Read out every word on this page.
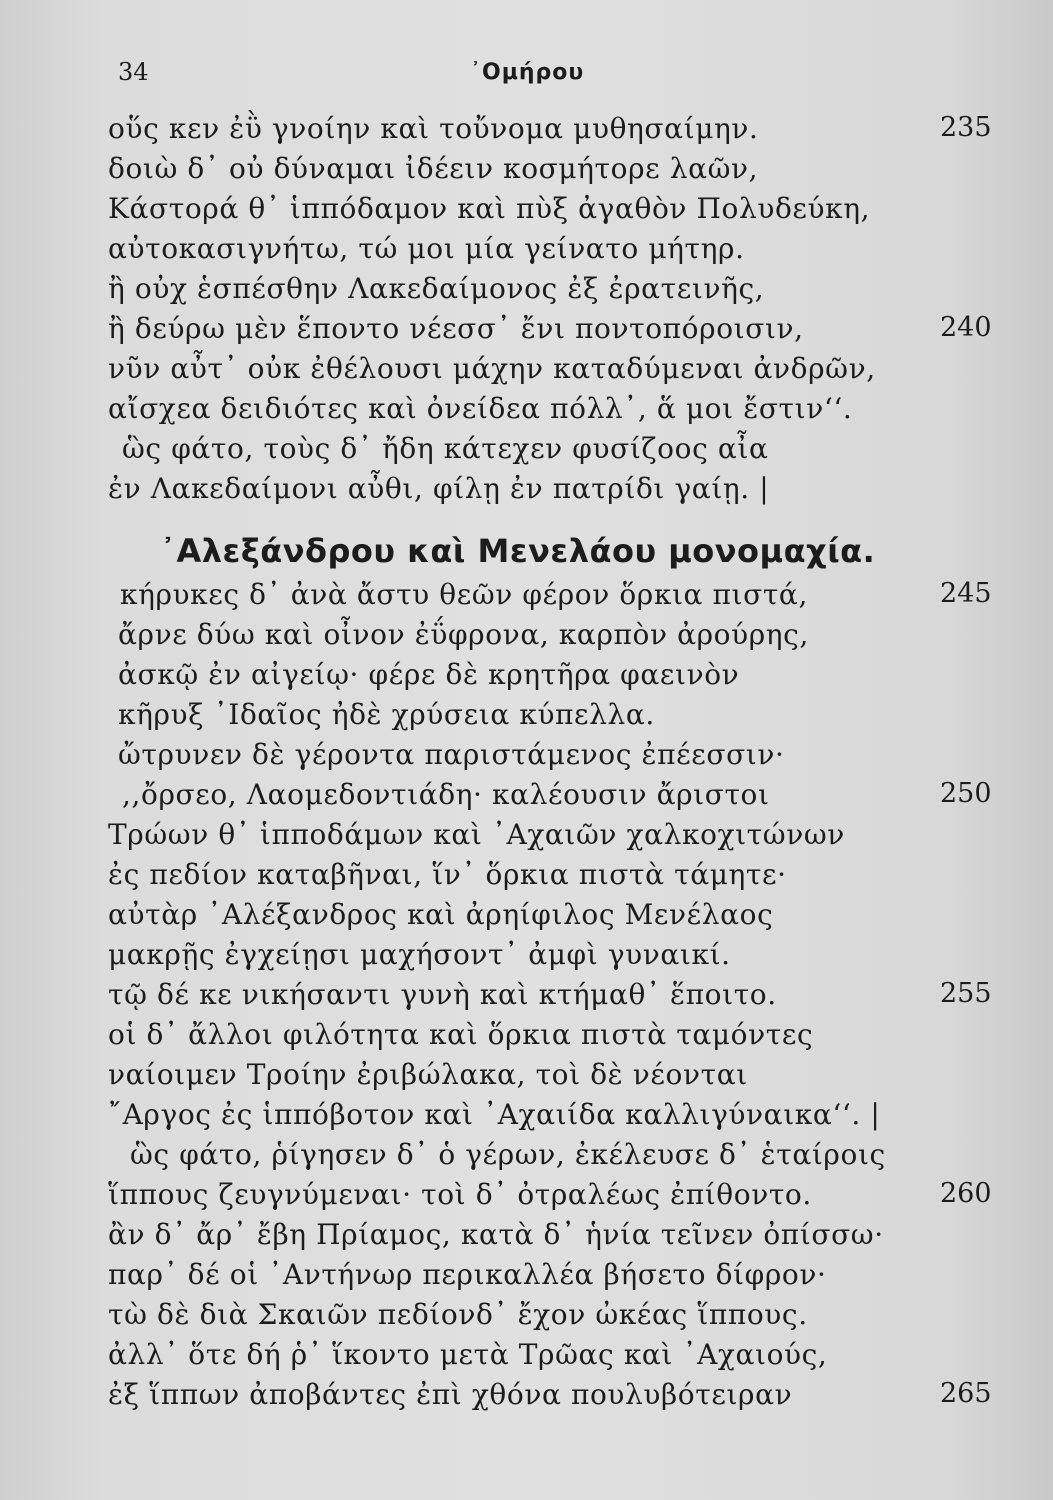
34	᾽Ομήρου
᾽Αλεξάνδρου καὶ Μενελάου μονομαχία.
οὕς κεν ἐῢ γνοίην καὶ τοὔνομα μυθησαίμην.	235
δοιὼ δ᾽ οὐ δύναμαι ἰδέειν κοσμήτορε λαῶν,
Κάστορά θ᾽ ἱππόδαμον καὶ πὺξ ἀγαθὸν Πολυδεύκη,
αὐτοκασιγνήτω, τώ μοι μία γείνατο μήτηρ.
ἢ οὐχ ἑσπέσθην Λακεδαίμονος ἐξ ἐρατεινῆς,
ἢ δεύρω μὲν ἕποντο νέεσσ᾽ ἔνι ποντοπόροισιν,	240
νῦν αὖτ᾽ οὐκ ἐθέλουσι μάχην καταδύμεναι ἀνδρῶν,
αἴσχεα δειδιότες καὶ ὀνείδεα πόλλ᾽, ἅ μοι ἔστιν‘‘.
ὣς φάτο, τοὺς δ᾽ ἤδη κάτεχεν φυσίζοος αἶα
ἐν Λακεδαίμονι αὖθι, φίλῃ ἐν πατρίδι γαίῃ. |
κήρυκες δ᾽ ἀνὰ ἄστυ θεῶν φέρον ὅρκια πιστά,	245
ἄρνε δύω καὶ οἶνον ἐΰφρονα, καρπὸν ἀρούρης,
ἀσκῷ ἐν αἰγείῳ· φέρε δὲ κρητῆρα φαεινὸν
κῆρυξ ᾽Ιδαῖος ἠδὲ χρύσεια κύπελλα.
ὤτρυνεν δὲ γέροντα παριστάμενος ἐπέεσσιν·
,,ὄρσεο, Λαομεδοντιάδη· καλέουσιν ἄριστοι	250
Τρώων θ᾽ ἱπποδάμων καὶ ᾽Αχαιῶν χαλκοχιτώνων
ἐς πεδίον καταβῆναι, ἵν᾽ ὅρκια πιστὰ τάμητε·
αὐτὰρ ᾽Αλέξανδρος καὶ ἀρηίφιλος Μενέλαος
μακρῇς ἐγχείῃσι μαχήσοντ᾽ ἀμφὶ γυναικί.
τῷ δέ κε νικήσαντι γυνὴ καὶ κτήμαθ᾽ ἕποιτο.	255
οἱ δ᾽ ἄλλοι φιλότητα καὶ ὅρκια πιστὰ ταμόντες
ναίοιμεν Τροίην ἐριβώλακα, τοὶ δὲ νέονται
῎Αργος ἐς ἱππόβοτον καὶ ᾽Αχαιίδα καλλιγύναικα‘‘. |
ὣς φάτο, ῥίγησεν δ᾽ ὁ γέρων, ἐκέλευσε δ᾽ ἑταίροις
ἵππους ζευγνύμεναι· τοὶ δ᾽ ὀτραλέως ἐπίθοντο.	260
ἂν δ᾽ ἄρ᾽ ἔβη Πρίαμος, κατὰ δ᾽ ἡνία τεῖνεν ὀπίσσω·
παρ᾽ δέ οἱ ᾽Αντήνωρ περικαλλέα βήσετο δίφρον·
τὼ δὲ διὰ Σκαιῶν πεδίονδ᾽ ἔχον ὠκέας ἵππους.
ἀλλ᾽ ὅτε δή ῥ᾽ ἵκοντο μετὰ Τρῶας καὶ ᾽Αχαιούς,
ἐξ ἵππων ἀποβάντες ἐπὶ χθόνα πουλυβότειραν	265
